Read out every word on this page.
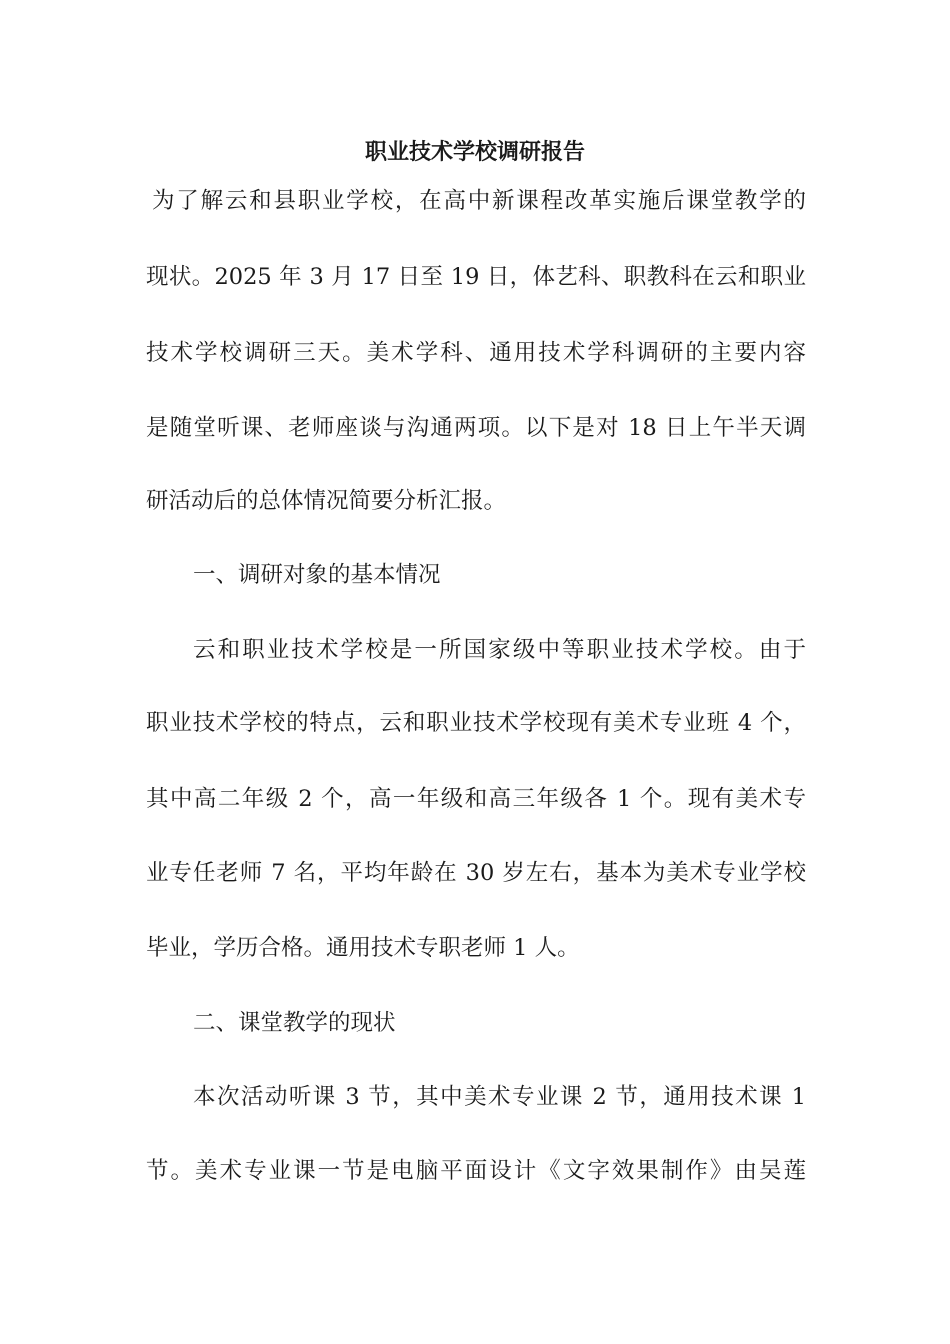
职业技术学校调研报告
为了解云和县职业学校，在高中新课程改革实施后课堂教学的
现状。2025 年 3 月 17 日至 19 日，体艺科、职教科在云和职业
技术学校调研三天。美术学科、通用技术学科调研的主要内容
是随堂听课、老师座谈与沟通两项。以下是对 18 日上午半天调
研活动后的总体情况简要分析汇报。
一、调研对象的基本情况
云和职业技术学校是一所国家级中等职业技术学校。由于
职业技术学校的特点，云和职业技术学校现有美术专业班 4 个，
其中高二年级 2 个，高一年级和高三年级各 1 个。现有美术专
业专任老师 7 名，平均年龄在 30 岁左右，基本为美术专业学校
毕业，学历合格。通用技术专职老师 1 人。
二、课堂教学的现状
本次活动听课 3 节，其中美术专业课 2 节，通用技术课 1
节。美术专业课一节是电脑平面设计《文字效果制作》由吴莲
